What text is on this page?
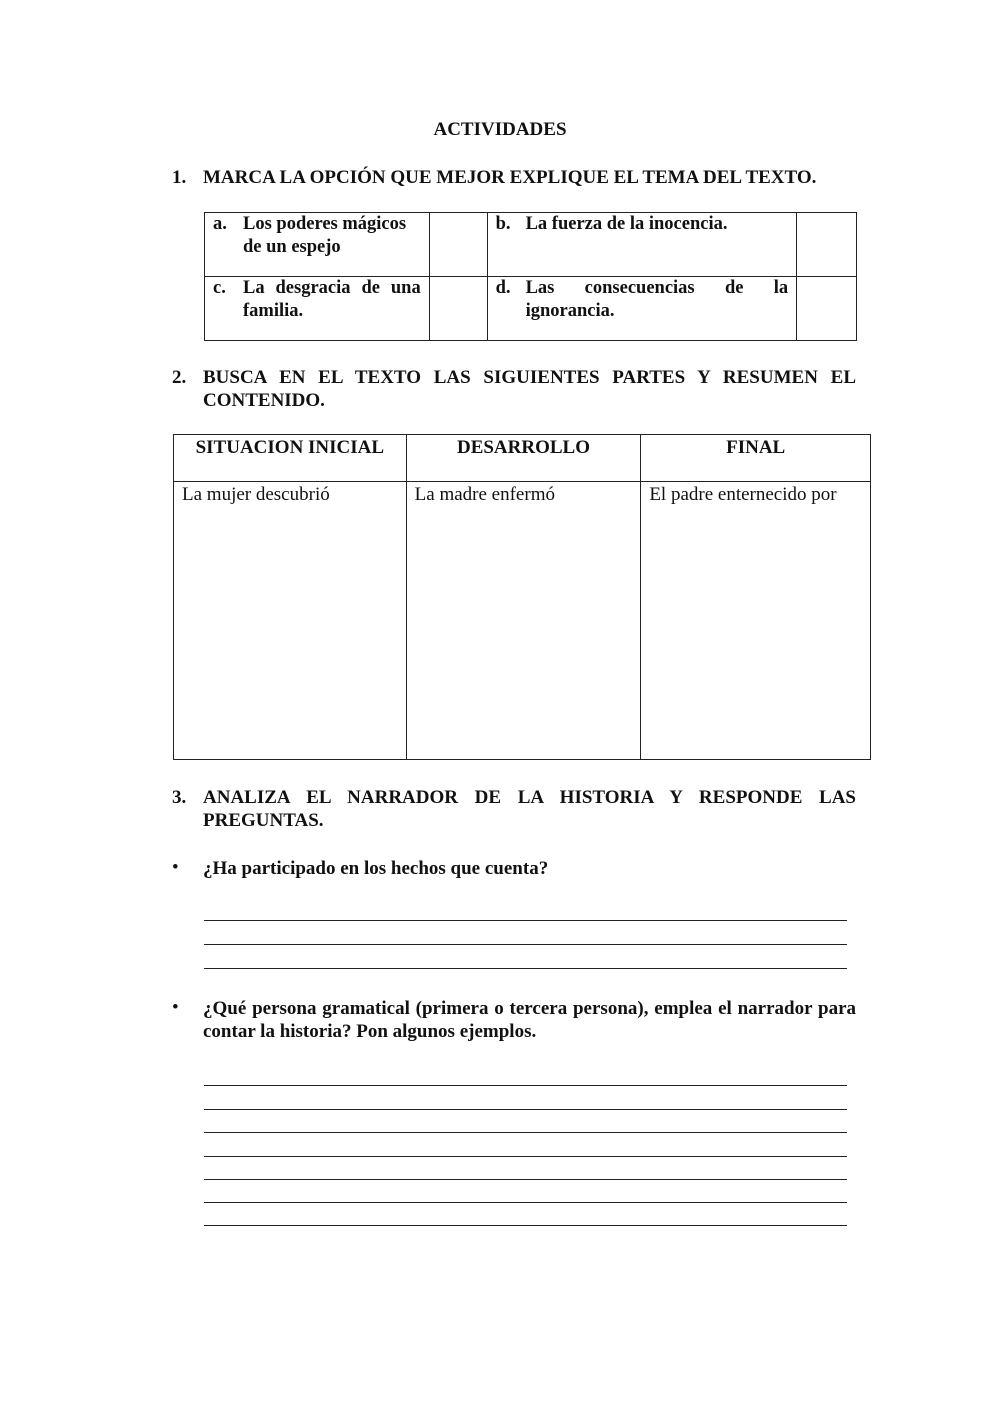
ACTIVIDADES
1. MARCA LA OPCIÓN QUE MEJOR EXPLIQUE EL TEMA DEL TEXTO.
a. Los poderes mágicos de un espejo		b. La fuerza de la inocencia.	

c. La desgracia de una familia.		d. Las consecuencias de la ignorancia.	

2. BUSCA EN EL TEXTO LAS SIGUIENTES PARTES Y RESUMEN EL CONTENIDO.
SITUACION INICIAL	DESARROLLO	FINAL

La mujer descubrió	La madre enfermó	El padre enternecido por
3. ANALIZA EL NARRADOR DE LA HISTORIA Y RESPONDE LAS PREGUNTAS.
• ¿Ha participado en los hechos que cuenta?
• ¿Qué persona gramatical (primera o tercera persona), emplea el narrador para contar la historia? Pon algunos ejemplos.
